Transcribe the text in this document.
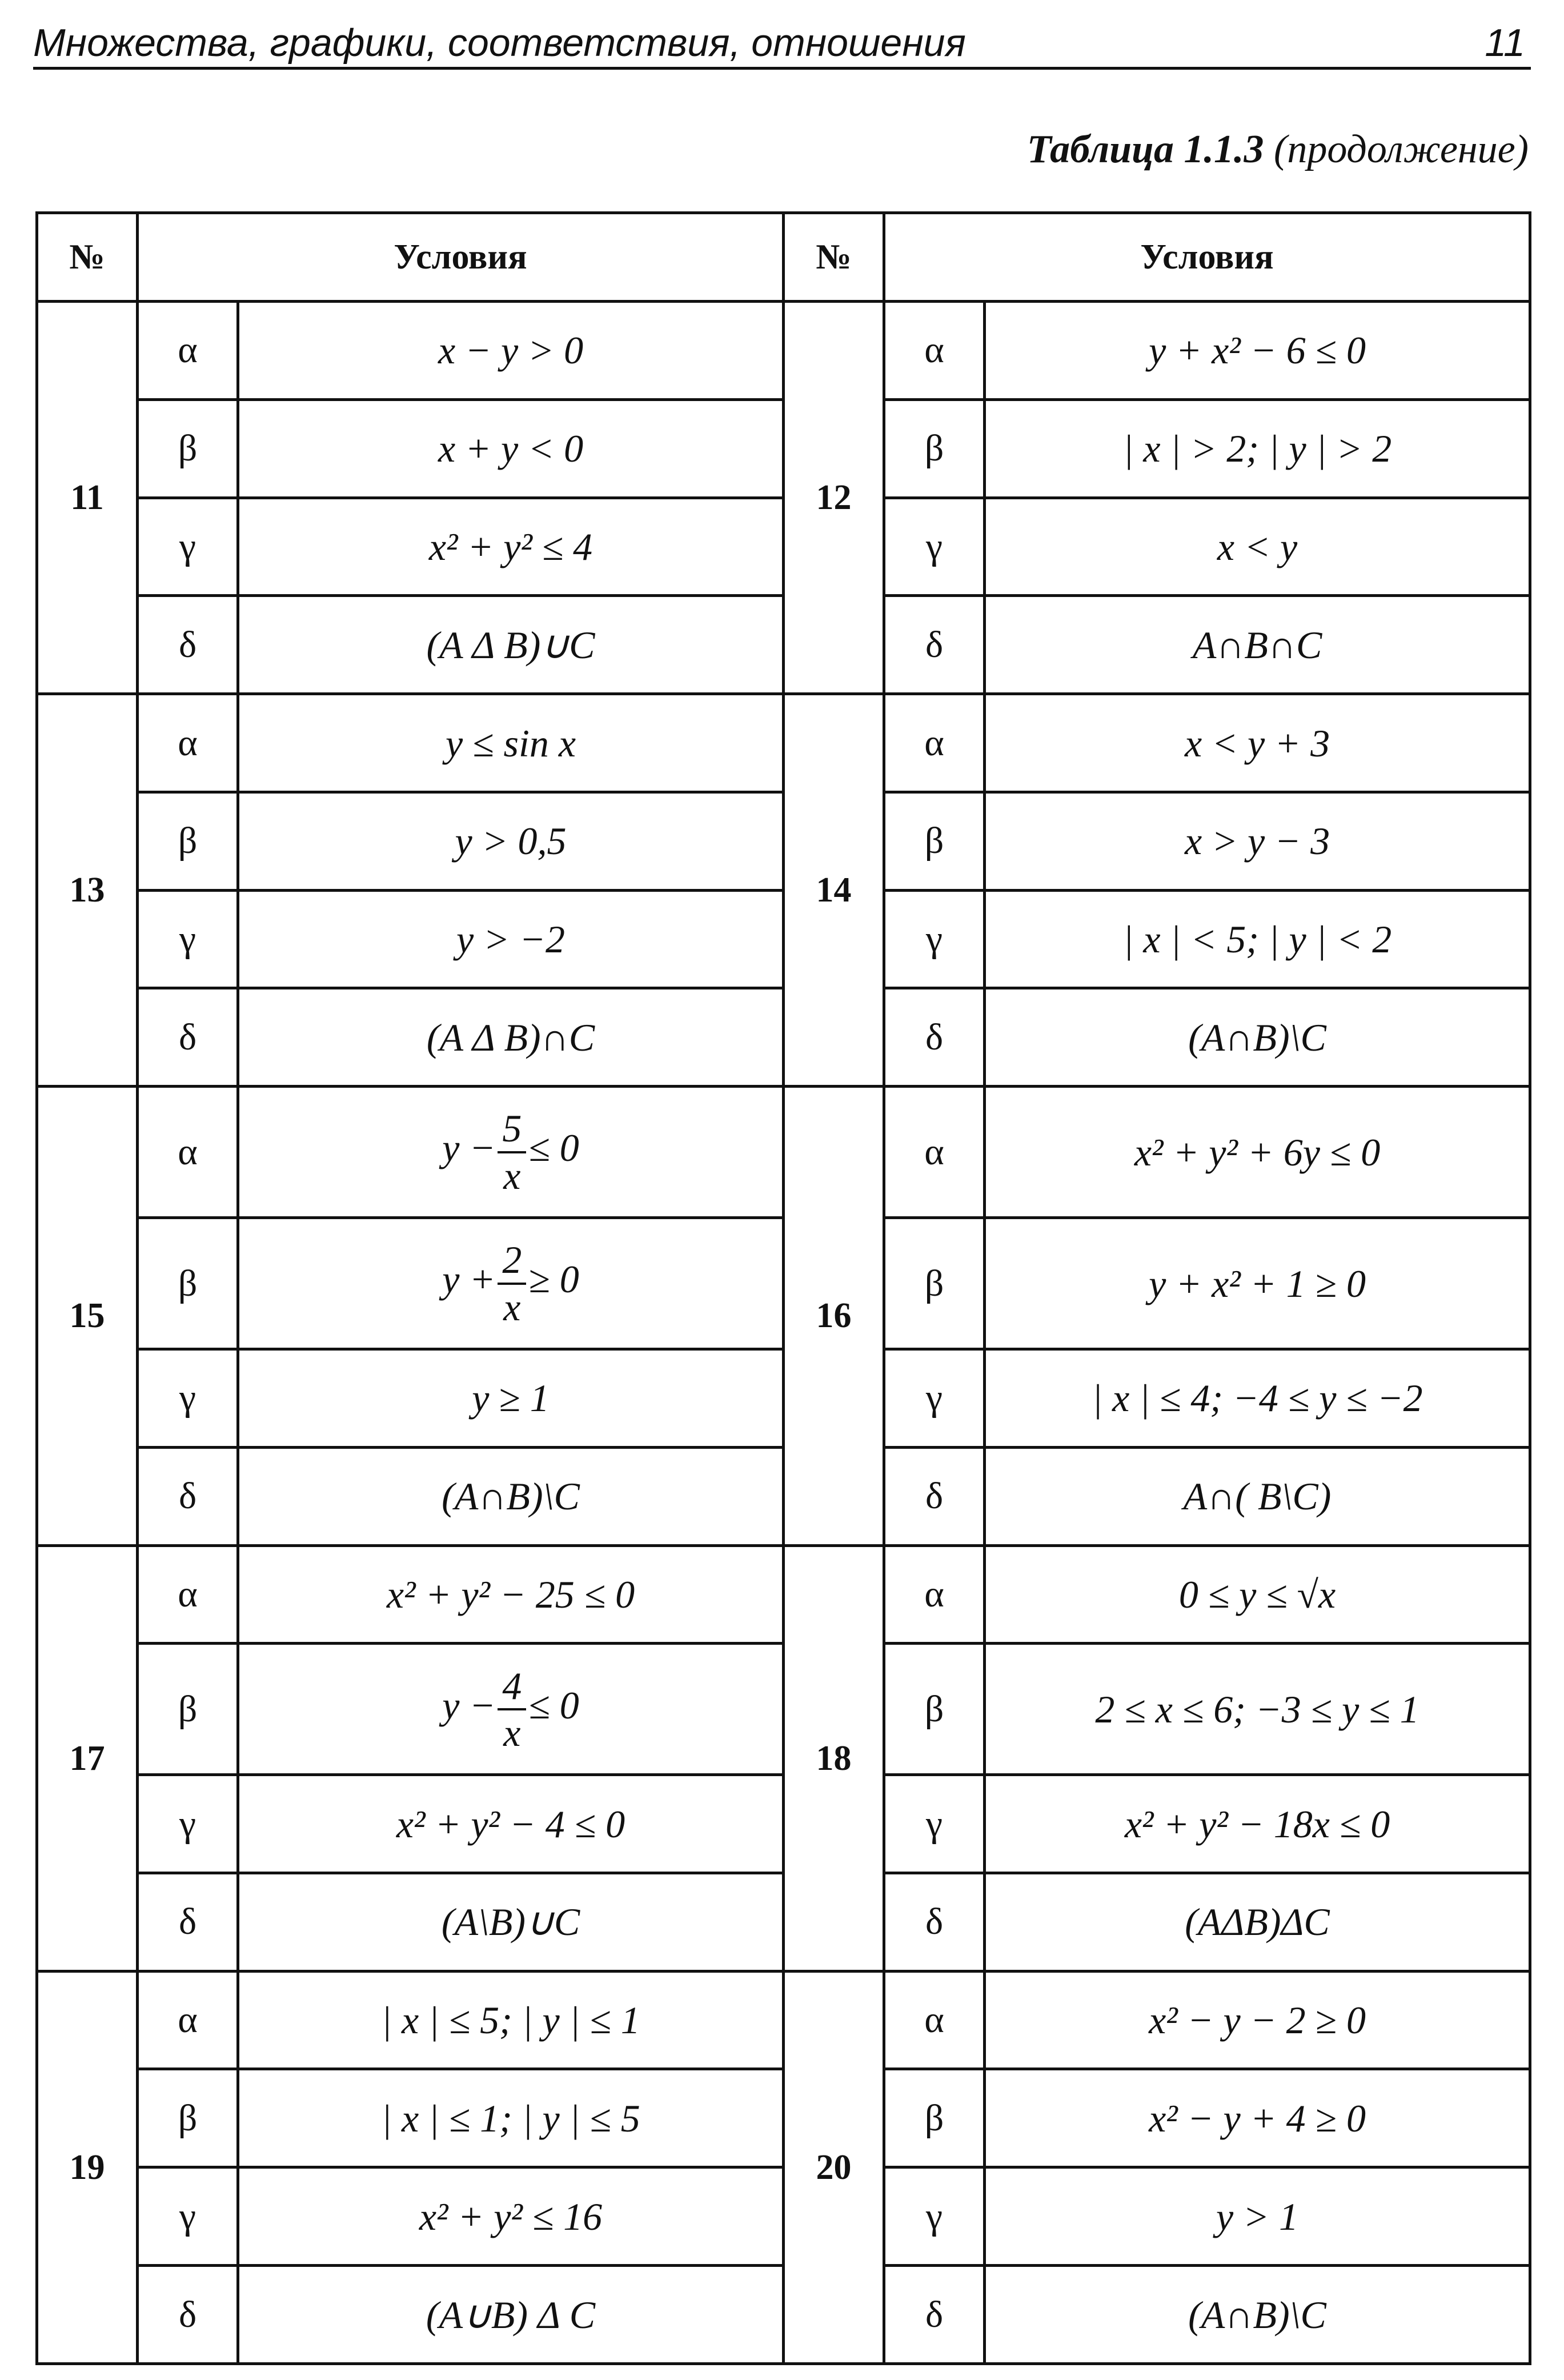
Множества, графики, соответствия, отношения	11
Таблица 1.1.3 (продолжение)
№	Условия		№	Условия	
11	α	x − y > 0	12	α	y + x² − 6 ≤ 0
	β	x + y < 0		β	| x | > 2; | y | > 2
	γ	x² + y² ≤ 4		γ	x < y
	δ	(A Δ B)∪C		δ	A∩B∩C
13	α	y ≤ sin x	14	α	x < y + 3
	β	y > 0,5		β	x > y − 3
	γ	y > −2		γ	| x | < 5; | y | < 2
	δ	(A Δ B)∩C		δ	(A∩B)\C
15	α	$y - \frac{5}{x} \le 0$	16	α	x² + y² + 6y ≤ 0
	β	$y + \frac{2}{x} \ge 0$		β	y + x² + 1 ≥ 0
	γ	y ≥ 1		γ	| x | ≤ 4; −4 ≤ y ≤ −2
	δ	(A∩B)\C		δ	A∩( B\C)
17	α	x² + y² − 25 ≤ 0	18	α	0 ≤ y ≤ √x
	β	$y - \frac{4}{x} \le 0$		β	2 ≤ x ≤ 6; −3 ≤ y ≤ 1
	γ	x² + y² − 4 ≤ 0		γ	x² + y² − 18x ≤ 0
	δ	(A\B)∪C		δ	(AΔB)ΔC
19	α	| x | ≤ 5; | y | ≤ 1	20	α	x² − y − 2 ≥ 0
	β	| x | ≤ 1; | y | ≤ 5		β	x² − y + 4 ≥ 0
	γ	x² + y² ≤ 16		γ	y > 1
	δ	(A∪B) Δ C		δ	(A∩B)\C
